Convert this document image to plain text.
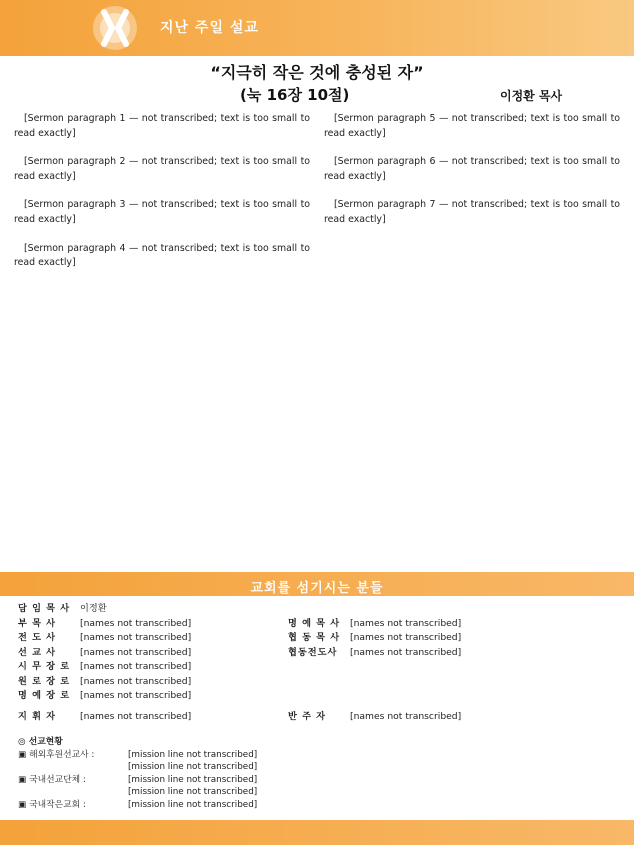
지난 주일 설교
“지극히 작은 것에 충성된 자”
(눅 16장 10절)	이정환 목사

[Sermon paragraph 1 — not transcribed; text is too small to read exactly]

[Sermon paragraph 2 — not transcribed; text is too small to read exactly]

[Sermon paragraph 3 — not transcribed; text is too small to read exactly]

[Sermon paragraph 4 — not transcribed; text is too small to read exactly]

[Sermon paragraph 5 — not transcribed; text is too small to read exactly]

[Sermon paragraph 6 — not transcribed; text is too small to read exactly]

[Sermon paragraph 7 — not transcribed; text is too small to read exactly]

교회를 섬기시는 분들
담 임 목 사	이정환
부 목 사	[names not transcribed]	명 예 목 사	[names not transcribed]
전 도 사	[names not transcribed]	협 동 목 사	[names not transcribed]
선 교 사	[names not transcribed]	협동전도사	[names not transcribed]
시 무 장 로	[names not transcribed]
원 로 장 로	[names not transcribed]
명 예 장 로	[names not transcribed]
지 휘 자	[names not transcribed]	반 주 자	[names not transcribed]
◎ 선교현황
▣ 해외후원선교사 :	[mission line not transcribed]
[mission line not transcribed]
▣ 국내선교단체 :	[mission line not transcribed]
[mission line not transcribed]
▣ 국내작은교회 :	[mission line not transcribed]
